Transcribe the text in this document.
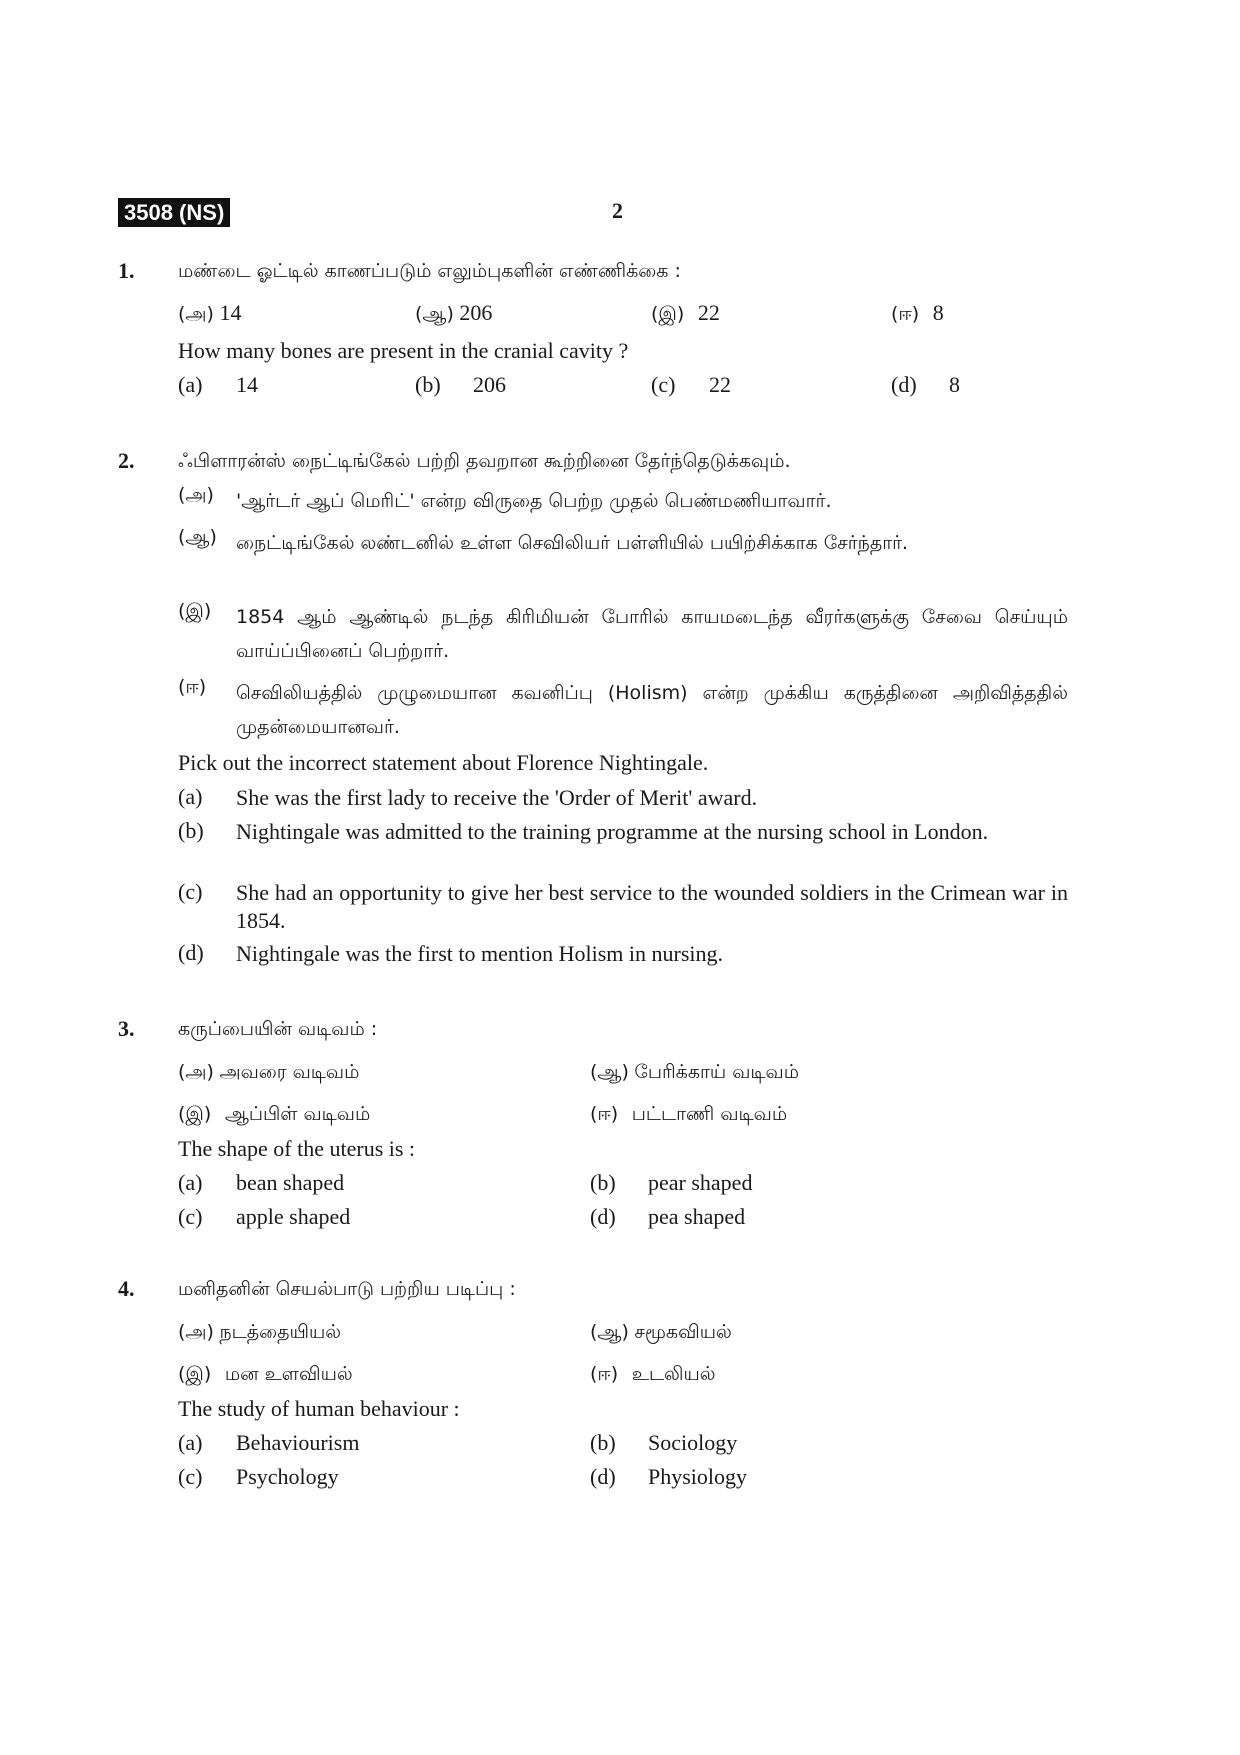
3508 (NS)	2
1. மண்டை ஓட்டில் காணப்படும் எலும்புகளின் எண்ணிக்கை :
(அ) 14	(ஆ) 206	(இ) 22	(ஈ) 8
How many bones are present in the cranial cavity ?
(a) 14	(b) 206	(c) 22	(d) 8
2. ஃபிளாரன்ஸ் நைட்டிங்கேல் பற்றி தவறான கூற்றினை தேர்ந்தெடுக்கவும்.
(அ) 'ஆர்டர் ஆப் மெரிட்' என்ற விருதை பெற்ற முதல் பெண்மணியாவார்.
(ஆ) நைட்டிங்கேல் லண்டனில் உள்ள செவிலியர் பள்ளியில் பயிற்சிக்காக சேர்ந்தார்.
(இ) 1854 ஆம் ஆண்டில் நடந்த கிரிமியன் போரில் காயமடைந்த வீரர்களுக்கு சேவை செய்யும் வாய்ப்பினைப் பெற்றார்.
(ஈ) செவிலியத்தில் முழுமையான கவனிப்பு (Holism) என்ற முக்கிய கருத்தினை அறிவித்ததில் முதன்மையானவர்.
Pick out the incorrect statement about Florence Nightingale.
(a) She was the first lady to receive the 'Order of Merit' award.
(b) Nightingale was admitted to the training programme at the nursing school in London.
(c) She had an opportunity to give her best service to the wounded soldiers in the Crimean war in 1854.
(d) Nightingale was the first to mention Holism in nursing.
3. கருப்பையின் வடிவம் :
(அ) அவரை வடிவம்	(ஆ) பேரிக்காய் வடிவம்
(இ) ஆப்பிள் வடிவம்	(ஈ) பட்டாணி வடிவம்
The shape of the uterus is :
(a) bean shaped	(b) pear shaped
(c) apple shaped	(d) pea shaped
4. மனிதனின் செயல்பாடு பற்றிய படிப்பு :
(அ) நடத்தையியல்	(ஆ) சமூகவியல்
(இ) மன உளவியல்	(ஈ) உடலியல்
The study of human behaviour :
(a) Behaviourism	(b) Sociology
(c) Psychology	(d) Physiology
